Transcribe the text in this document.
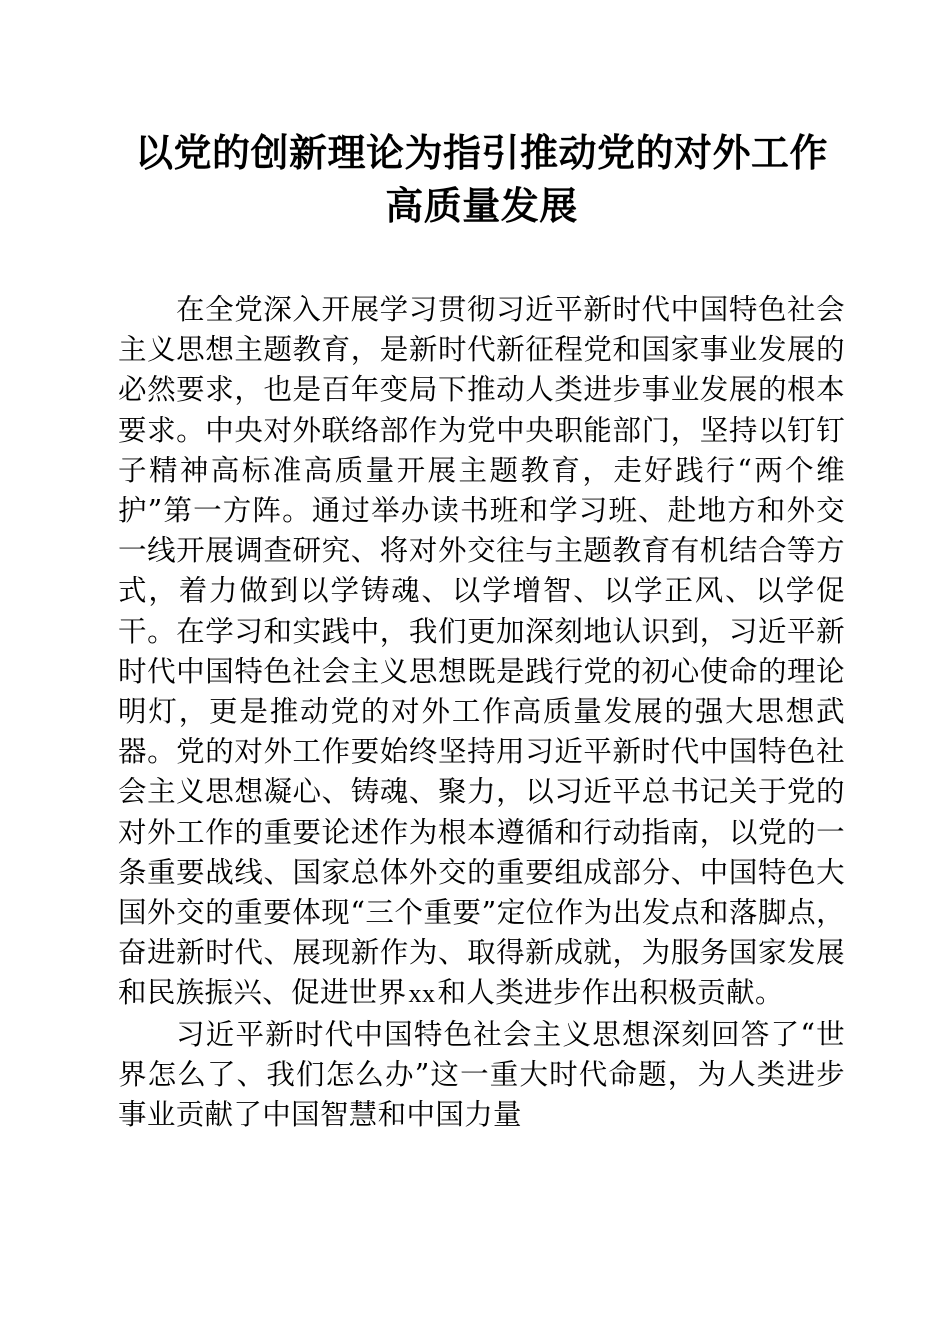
以党的创新理论为指引推动党的对外工作高质量发展

在全党深入开展学习贯彻习近平新时代中国特色社会主义思想主题教育，是新时代新征程党和国家事业发展的必然要求，也是百年变局下推动人类进步事业发展的根本要求。中央对外联络部作为党中央职能部门，坚持以钉钉子精神高标准高质量开展主题教育，走好践行“两个维护”第一方阵。通过举办读书班和学习班、赴地方和外交一线开展调查研究、将对外交往与主题教育有机结合等方式，着力做到以学铸魂、以学增智、以学正风、以学促干。在学习和实践中，我们更加深刻地认识到，习近平新时代中国特色社会主义思想既是践行党的初心使命的理论明灯，更是推动党的对外工作高质量发展的强大思想武器。党的对外工作要始终坚持用习近平新时代中国特色社会主义思想凝心、铸魂、聚力，以习近平总书记关于党的对外工作的重要论述作为根本遵循和行动指南，以党的一条重要战线、国家总体外交的重要组成部分、中国特色大国外交的重要体现“三个重要”定位作为出发点和落脚点，奋进新时代、展现新作为、取得新成就，为服务国家发展和民族振兴、促进世界xx和人类进步作出积极贡献。

习近平新时代中国特色社会主义思想深刻回答了“世界怎么了、我们怎么办”这一重大时代命题，为人类进步事业贡献了中国智慧和中国力量
